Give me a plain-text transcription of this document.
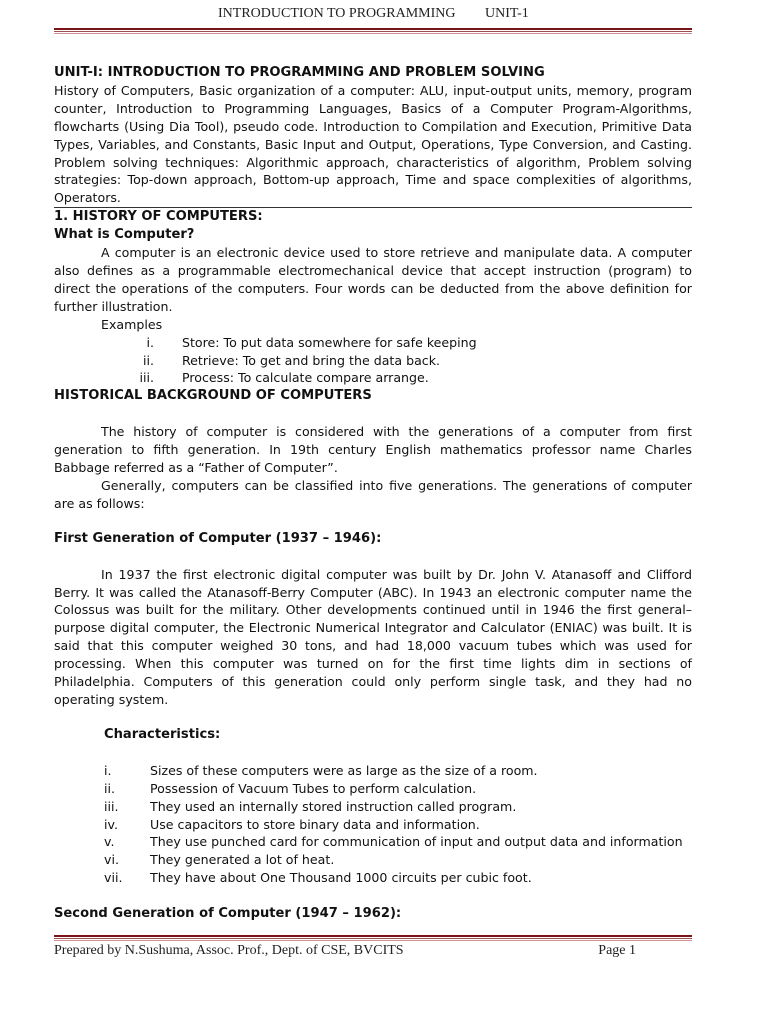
INTRODUCTION TO PROGRAMMING UNIT-1
UNIT-I: INTRODUCTION TO PROGRAMMING AND PROBLEM SOLVING
History of Computers, Basic organization of a computer: ALU, input-output units, memory, program counter, Introduction to Programming Languages, Basics of a Computer Program-Algorithms, flowcharts (Using Dia Tool), pseudo code. Introduction to Compilation and Execution, Primitive Data Types, Variables, and Constants, Basic Input and Output, Operations, Type Conversion, and Casting. Problem solving techniques: Algorithmic approach, characteristics of algorithm, Problem solving strategies: Top-down approach, Bottom-up approach, Time and space complexities of algorithms, Operators.
1. HISTORY OF COMPUTERS:
What is Computer?
A computer is an electronic device used to store retrieve and manipulate data. A computer also defines as a programmable electromechanical device that accept instruction (program) to direct the operations of the computers. Four words can be deducted from the above definition for further illustration.
Examples
i.	Store: To put data somewhere for safe keeping
ii.	Retrieve: To get and bring the data back.
iii.	Process: To calculate compare arrange.
HISTORICAL BACKGROUND OF COMPUTERS
The history of computer is considered with the generations of a computer from first generation to fifth generation. In 19th century English mathematics professor name Charles Babbage referred as a “Father of Computer”.
Generally, computers can be classified into five generations. The generations of computer are as follows:
First Generation of Computer (1937 – 1946):
In 1937 the first electronic digital computer was built by Dr. John V. Atanasoff and Clifford Berry. It was called the Atanasoff-Berry Computer (ABC). In 1943 an electronic computer name the Colossus was built for the military. Other developments continued until in 1946 the first general–purpose digital computer, the Electronic Numerical Integrator and Calculator (ENIAC) was built. It is said that this computer weighed 30 tons, and had 18,000 vacuum tubes which was used for processing. When this computer was turned on for the first time lights dim in sections of Philadelphia. Computers of this generation could only perform single task, and they had no operating system.
Characteristics:
i.	Sizes of these computers were as large as the size of a room.
ii.	Possession of Vacuum Tubes to perform calculation.
iii.	They used an internally stored instruction called program.
iv.	Use capacitors to store binary data and information.
v.	They use punched card for communication of input and output data and information
vi.	They generated a lot of heat.
vii.	They have about One Thousand 1000 circuits per cubic foot.
Second Generation of Computer (1947 – 1962):
Prepared by N.Sushuma, Assoc. Prof., Dept. of CSE, BVCITS	Page 1
